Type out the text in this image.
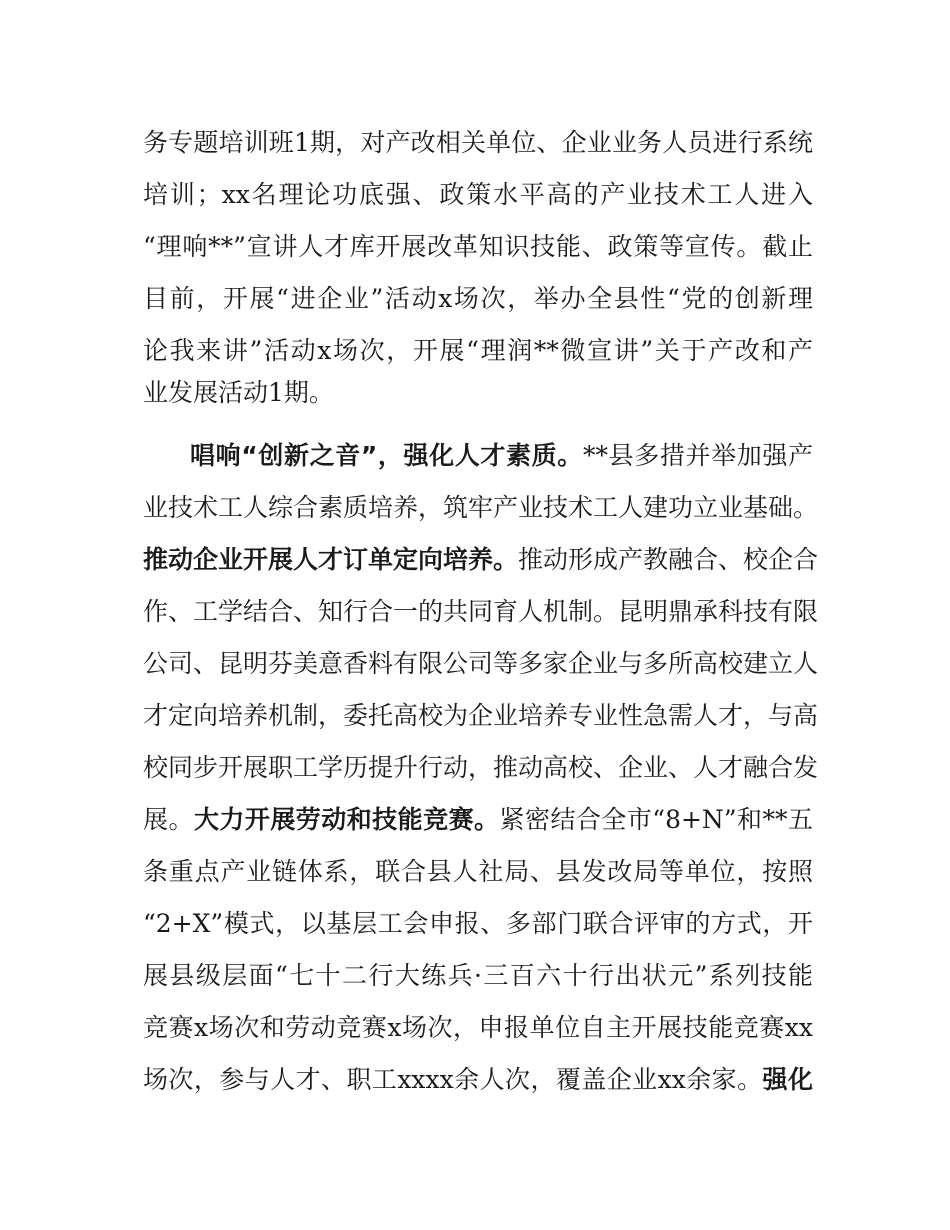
务专题培训班1期，对产改相关单位、企业业务人员进行系统
培训；xx名理论功底强、政策水平高的产业技术工人进入
“理响**”宣讲人才库开展改革知识技能、政策等宣传。截止
目前，开展“进企业”活动x场次，举办全县性“党的创新理
论我来讲”活动x场次，开展“理润**微宣讲”关于产改和产
业发展活动1期。
唱响“创新之音”，强化人才素质。**县多措并举加强产
业技术工人综合素质培养，筑牢产业技术工人建功立业基础。
推动企业开展人才订单定向培养。推动形成产教融合、校企合
作、工学结合、知行合一的共同育人机制。昆明鼎承科技有限
公司、昆明芬美意香料有限公司等多家企业与多所高校建立人
才定向培养机制，委托高校为企业培养专业性急需人才，与高
校同步开展职工学历提升行动，推动高校、企业、人才融合发
展。大力开展劳动和技能竞赛。紧密结合全市“8+N”和**五
条重点产业链体系，联合县人社局、县发改局等单位，按照
“2+X”模式，以基层工会申报、多部门联合评审的方式，开
展县级层面“七十二行大练兵·三百六十行出状元”系列技能
竞赛x场次和劳动竞赛x场次，申报单位自主开展技能竞赛xx
场次，参与人才、职工xxxx余人次，覆盖企业xx余家。强化
